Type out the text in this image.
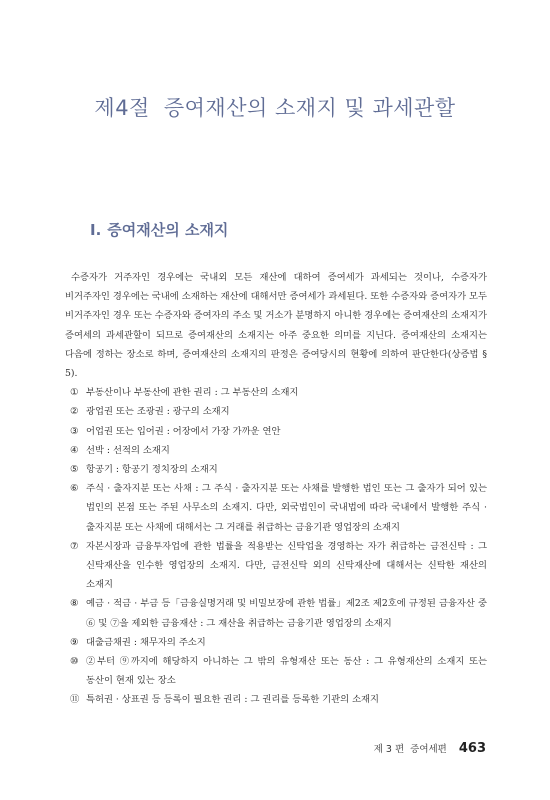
제4절 증여재산의 소재지 및 과세관할
Ⅰ. 증여재산의 소재지

수증자가 거주자인 경우에는 국내외 모든 재산에 대하여 증여세가 과세되는 것이나, 수증자가 비거주자인 경우에는 국내에 소재하는 재산에 대해서만 증여세가 과세된다. 또한 수증자와 증여자가 모두 비거주자인 경우 또는 수증자와 증여자의 주소 및 거소가 분명하지 아니한 경우에는 증여재산의 소재지가 증여세의 과세관할이 되므로 증여재산의 소재지는 아주 중요한 의미를 지닌다. 증여재산의 소재지는 다음에 정하는 장소로 하며, 증여재산의 소재지의 판정은 증여당시의 현황에 의하여 판단한다(상증법 § 5).

① 부동산이나 부동산에 관한 권리 : 그 부동산의 소재지
② 광업권 또는 조광권 : 광구의 소재지
③ 어업권 또는 입어권 : 어장에서 가장 가까운 연안
④ 선박 : 선적의 소재지
⑤ 항공기 : 항공기 정치장의 소재지
⑥ 주식 · 출자지분 또는 사채 : 그 주식 · 출자지분 또는 사채를 발행한 법인 또는 그 출자가 되어 있는 법인의 본점 또는 주된 사무소의 소재지. 다만, 외국법인이 국내법에 따라 국내에서 발행한 주식 · 출자지분 또는 사채에 대해서는 그 거래를 취급하는 금융기관 영업장의 소재지
⑦ 자본시장과 금융투자업에 관한 법률을 적용받는 신탁업을 경영하는 자가 취급하는 금전신탁 : 그 신탁재산을 인수한 영업장의 소재지. 다만, 금전신탁 외의 신탁재산에 대해서는 신탁한 재산의 소재지
⑧ 예금 · 적금 · 부금 등「금융실명거래 및 비밀보장에 관한 법률」제2조 제2호에 규정된 금융자산 중 ⑥ 및 ⑦을 제외한 금융재산 : 그 재산을 취급하는 금융기관 영업장의 소재지
⑨ 대출금채권 : 채무자의 주소지
⑩ ②부터 ⑨까지에 해당하지 아니하는 그 밖의 유형재산 또는 동산 : 그 유형재산의 소재지 또는 동산이 현재 있는 장소
⑪ 특허권 · 상표권 등 등록이 필요한 권리 : 그 권리를 등록한 기관의 소재지
제 3 편 증여세편 463
